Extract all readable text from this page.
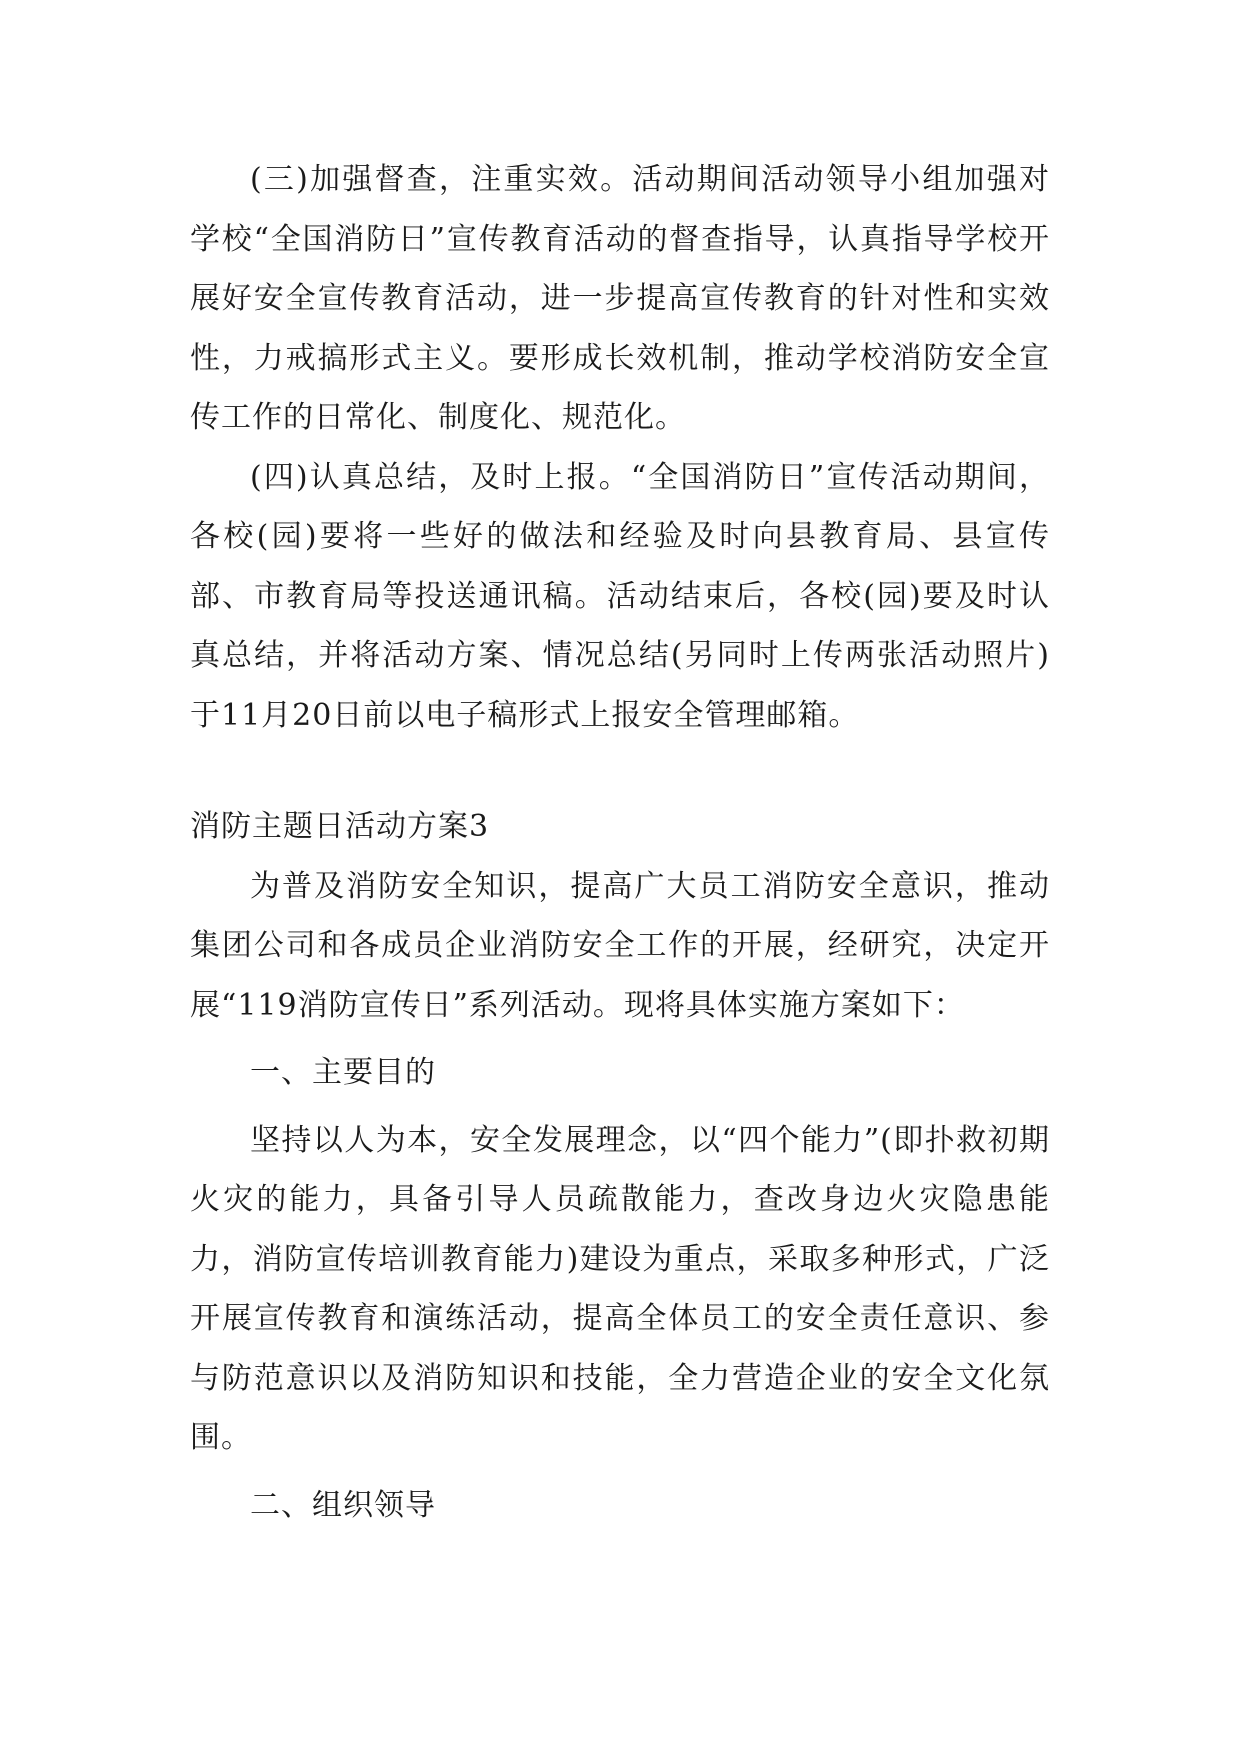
(三)加强督查，注重实效。活动期间活动领导小组加强对学校“全国消防日”宣传教育活动的督查指导，认真指导学校开展好安全宣传教育活动，进一步提高宣传教育的针对性和实效性，力戒搞形式主义。要形成长效机制，推动学校消防安全宣传工作的日常化、制度化、规范化。

(四)认真总结，及时上报。“全国消防日”宣传活动期间，各校(园)要将一些好的做法和经验及时向县教育局、县宣传部、市教育局等投送通讯稿。活动结束后，各校(园)要及时认真总结，并将活动方案、情况总结(另同时上传两张活动照片)于11月20日前以电子稿形式上报安全管理邮箱。

消防主题日活动方案3

为普及消防安全知识，提高广大员工消防安全意识，推动集团公司和各成员企业消防安全工作的开展，经研究，决定开展“119消防宣传日”系列活动。现将具体实施方案如下：

一、主要目的

坚持以人为本，安全发展理念，以“四个能力”(即扑救初期火灾的能力，具备引导人员疏散能力，查改身边火灾隐患能力，消防宣传培训教育能力)建设为重点，采取多种形式，广泛开展宣传教育和演练活动，提高全体员工的安全责任意识、参与防范意识以及消防知识和技能，全力营造企业的安全文化氛围。

二、组织领导
